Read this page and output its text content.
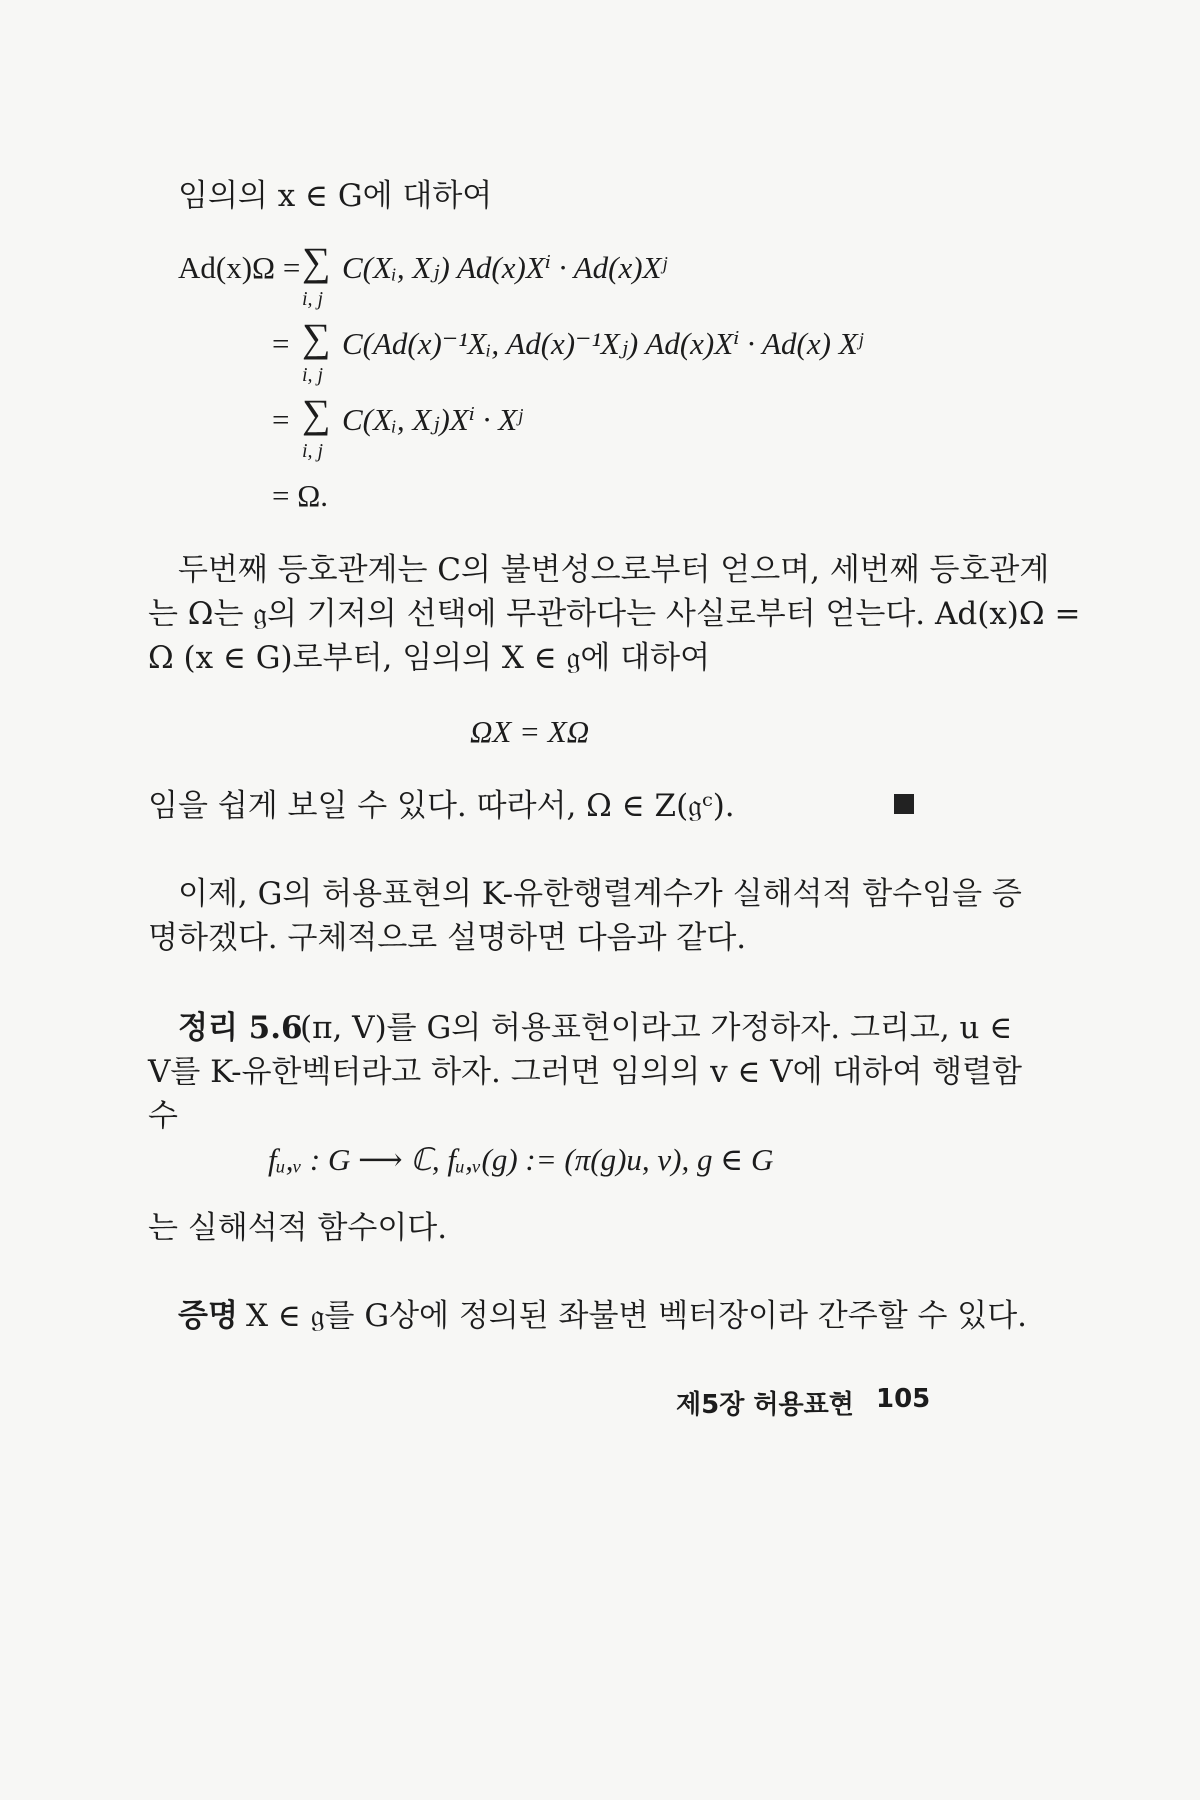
임의의 x ∈ G에 대하여
Ad(x)Ω = ∑
i, j
C(Xᵢ, Xⱼ) Ad(x)Xⁱ · Ad(x)Xʲ
= ∑
i, j
C(Ad(x)⁻¹Xᵢ, Ad(x)⁻¹Xⱼ) Ad(x)Xⁱ · Ad(x) Xʲ
= ∑
i, j
C(Xᵢ, Xⱼ)Xⁱ · Xʲ
= Ω.
두번째 등호관계는 C의 불변성으로부터 얻으며, 세번째 등호관계
는 Ω는 𝔤의 기저의 선택에 무관하다는 사실로부터 얻는다. Ad(x)Ω =
Ω (x ∈ G)로부터, 임의의 X ∈ 𝔤에 대하여
ΩX = XΩ
임을 쉽게 보일 수 있다. 따라서, Ω ∈ Z(𝔤ᶜ).
이제, G의 허용표현의 K-유한행렬계수가 실해석적 함수임을 증
명하겠다. 구체적으로 설명하면 다음과 같다.
정리 5.6
(π, V)를 G의 허용표현이라고 가정하자. 그리고, u ∈
V를 K-유한벡터라고 하자. 그러면 임의의 v ∈ V에 대하여 행렬함
수
fᵤ,ᵥ : G ⟶ ℂ, fᵤ,ᵥ(g) := (π(g)u, v), g ∈ G
는 실해석적 함수이다.
증명 X ∈ 𝔤를 G상에 정의된 좌불변 벡터장이라 간주할 수 있다.
제5장 허용표현 105
